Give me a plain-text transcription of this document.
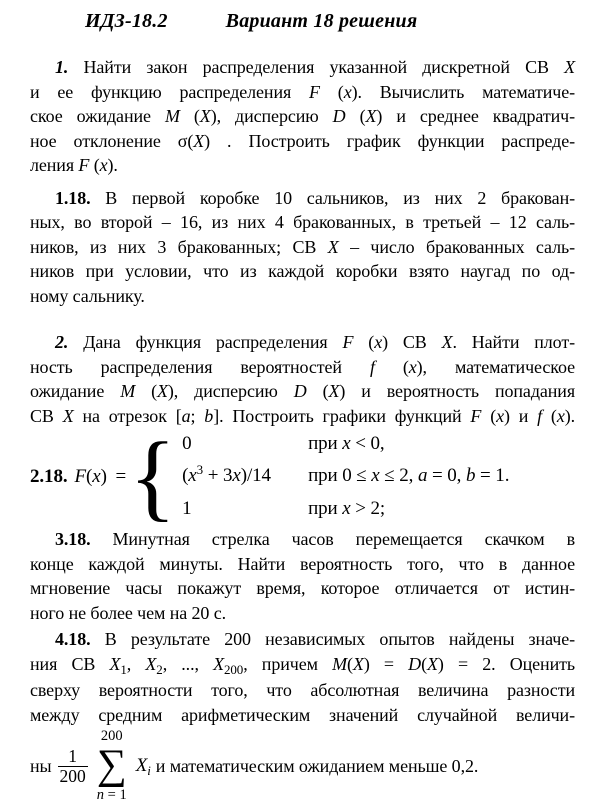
ИДЗ-18.2	Вариант 18 решения
1. Найти закон распределения указанной дискретной СВ X
и ее функцию распределения F (x). Вычислить математиче-
ское ожидание M (X), дисперсию D (X) и среднее квадратич-
ное отклонение σ(X) . Построить график функции распреде-
ления F (x).
1.18. В первой коробке 10 сальников, из них 2 бракован-
ных, во второй – 16, из них 4 бракованных, в третьей – 12 саль-
ников, из них 3 бракованных; СВ X – число бракованных саль-
ников при условии, что из каждой коробки взято наугад по од-
ному сальнику.
2. Дана функция распределения F (x) СВ X. Найти плот-
ность распределения вероятностей f (x), математическое
ожидание M (X), дисперсию D (X) и вероятность попадания
СВ X на отрезок [a; b]. Построить графики функций F (x) и f (x).
2.18. F(x) = { 0	при x < 0,
$(x^3 + 3x)/14$	при 0 ≤ x ≤ 2, a = 0, b = 1.
1	при x > 2;
3.18. Минутная стрелка часов перемещается скачком в
конце каждой минуты. Найти вероятность того, что в данное
мгновение часы покажут время, которое отличается от истин-
ного не более чем на 20 с.
4.18. В результате 200 независимых опытов найдены значе-
ния СВ $X_1$, $X_2$, ..., $X_{200}$, причем M(X) = D(X) = 2. Оценить
сверху вероятности того, что абсолютная величина разности
между средним арифметическим значений случайной величи-
ны $\frac{1}{200}$
200
∑
n = 1
$X_i$ и математическим ожиданием меньше 0,2.
